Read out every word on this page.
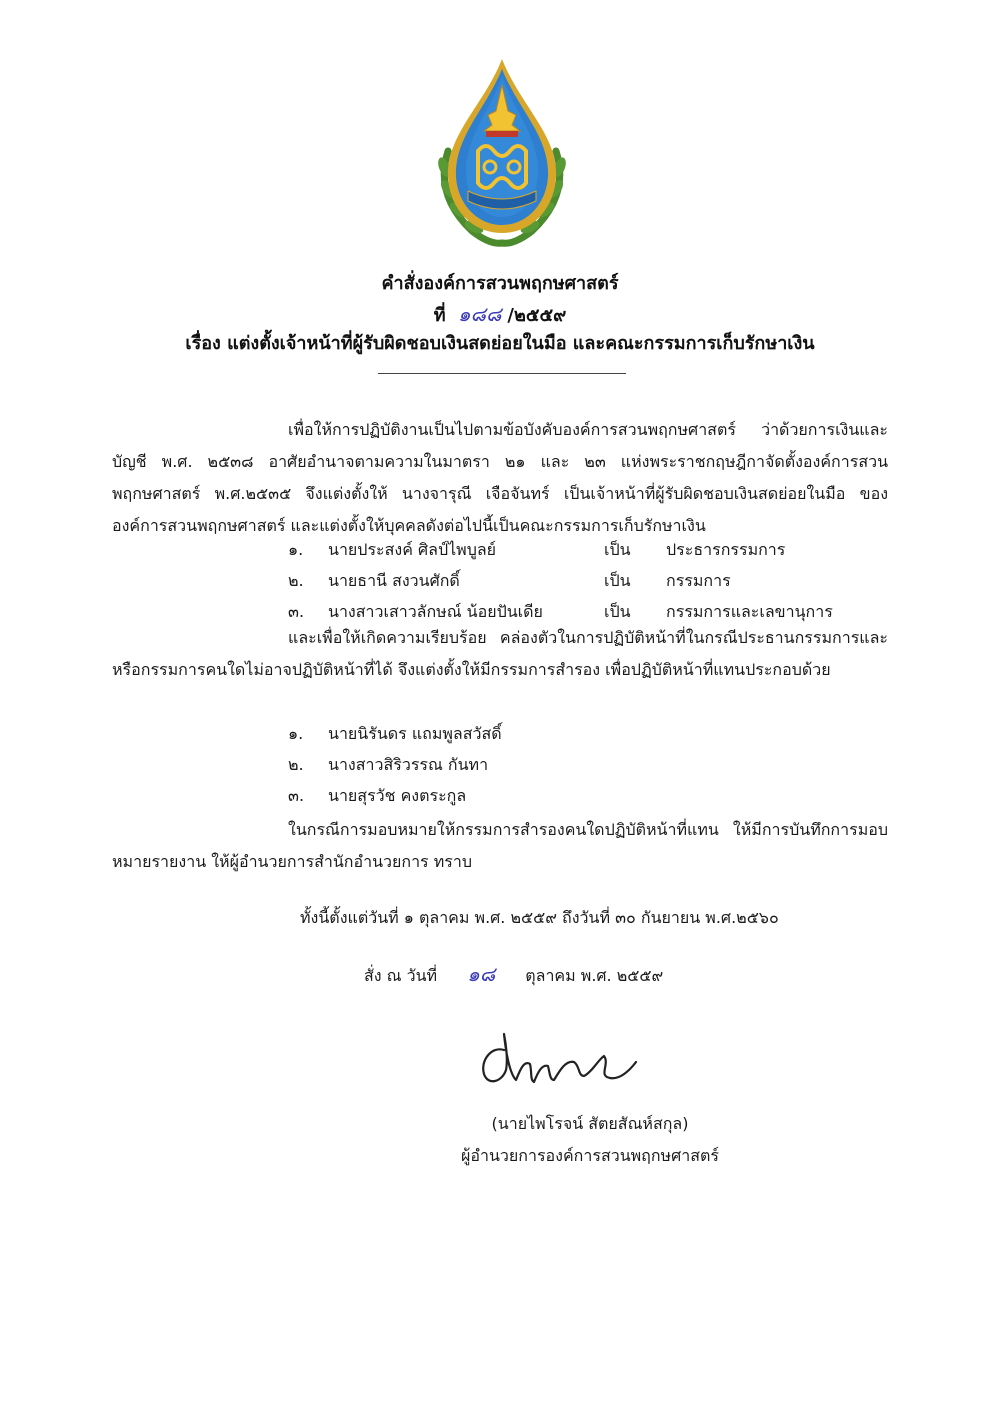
คำสั่งองค์การสวนพฤกษศาสตร์
ที่ ๑๘๘ /๒๕๕๙
เรื่อง แต่งตั้งเจ้าหน้าที่ผู้รับผิดชอบเงินสดย่อยในมือ และคณะกรรมการเก็บรักษาเงิน

เพื่อให้การปฏิบัติงานเป็นไปตามข้อบังคับองค์การสวนพฤกษศาสตร์ ว่าด้วยการเงินและบัญชี พ.ศ. ๒๕๓๘ อาศัยอำนาจตามความในมาตรา ๒๑ และ ๒๓ แห่งพระราชกฤษฎีกาจัดตั้งองค์การสวนพฤกษศาสตร์ พ.ศ.๒๕๓๕ จึงแต่งตั้งให้ นางจารุณี เจือจันทร์ เป็นเจ้าหน้าที่ผู้รับผิดชอบเงินสดย่อยในมือ ขององค์การสวนพฤกษศาสตร์ และแต่งตั้งให้บุคคลดังต่อไปนี้เป็นคณะกรรมการเก็บรักษาเงิน

๑. นายประสงค์ ศิลป์ไพบูลย์	เป็น ประธารกรรมการ
๒. นายธานี สงวนศักดิ์	เป็น กรรมการ
๓. นางสาวเสาวลักษณ์ น้อยปันเดีย	เป็น กรรมการและเลขานุการ

และเพื่อให้เกิดความเรียบร้อย คล่องตัวในการปฏิบัติหน้าที่ในกรณีประธานกรรมการและหรือกรรมการคนใดไม่อาจปฏิบัติหน้าที่ได้ จึงแต่งตั้งให้มีกรรมการสำรอง เพื่อปฏิบัติหน้าที่แทนประกอบด้วย

๑. นายนิรันดร แถมพูลสวัสดิ์
๒. นางสาวสิริวรรณ กันทา
๓. นายสุรวัช คงตระกูล

ในกรณีการมอบหมายให้กรรมการสำรองคนใดปฏิบัติหน้าที่แทน ให้มีการบันทึกการมอบหมายรายงาน ให้ผู้อำนวยการสำนักอำนวยการ ทราบ

ทั้งนี้ตั้งแต่วันที่ ๑ ตุลาคม พ.ศ. ๒๕๕๙ ถึงวันที่ ๓๐ กันยายน พ.ศ.๒๕๖๐
สั่ง ณ วันที่ ๑๘ ตุลาคม พ.ศ. ๒๕๕๙
(นายไพโรจน์ สัตยสัณห์สกุล)
ผู้อำนวยการองค์การสวนพฤกษศาสตร์
